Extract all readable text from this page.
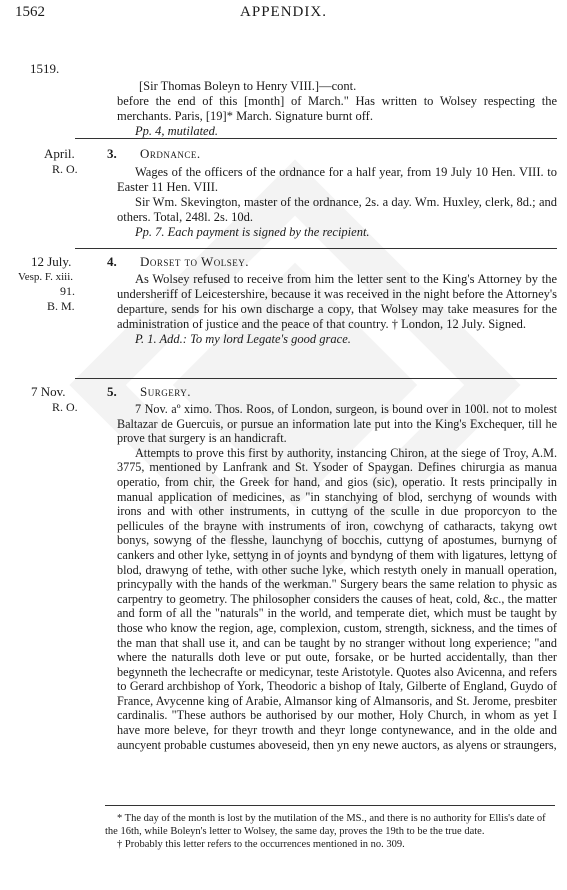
1562	APPENDIX.
1519.

[Sir Thomas Boleyn to Henry VIII.]—cont.

before the end of this [month] of March." Has written to Wolsey respecting the merchants. Paris, [19]* March. Signature burnt off.

Pp. 4, mutilated.

April.
R. O.
3. Ordnance.

Wages of the officers of the ordnance for a half year, from 19 July 10 Hen. VIII. to Easter 11 Hen. VIII.

Sir Wm. Skevington, master of the ordnance, 2s. a day. Wm. Huxley, clerk, 8d.; and others. Total, 248l. 2s. 10d.

Pp. 7. Each payment is signed by the recipient.

12 July.
Vesp. F. xiii.
91.
B. M.
4. Dorset to Wolsey.

As Wolsey refused to receive from him the letter sent to the King's Attorney by the undersheriff of Leicestershire, because it was received in the night before the Attorney's departure, sends for his own discharge a copy, that Wolsey may take measures for the administration of justice and the peace of that country. † London, 12 July. Signed.

P. 1. Add.: To my lord Legate's good grace.

7 Nov.
R. O.
5. Surgery.

7 Nov. aº ximo. Thos. Roos, of London, surgeon, is bound over in 100l. not to molest Baltazar de Guercuis, or pursue an information late put into the King's Exchequer, till he prove that surgery is an handicraft.

Attempts to prove this first by authority, instancing Chiron, at the siege of Troy, A.M. 3775, mentioned by Lanfrank and St. Ysoder of Spaygan. Defines chirurgia as manua operatio, from chir, the Greek for hand, and gios (sic), operatio. It rests principally in manual application of medicines, as "in stanchying of blod, serchyng of wounds with irons and with other instruments, in cuttyng of the sculle in due proporcyon to the pellicules of the brayne with instruments of iron, cowchyng of catharacts, takyng owt bonys, sowyng of the flesshe, launchyng of bocchis, cuttyng of apostumes, burnyng of cankers and other lyke, settyng in of joynts and byndyng of them with ligatures, lettyng of blod, drawyng of tethe, with other suche lyke, which restyth onely in manuall operation, princypally with the hands of the werkman." Surgery bears the same relation to physic as carpentry to geometry. The philosopher considers the causes of heat, cold, &c., the matter and form of all the "naturals" in the world, and temperate diet, which must be taught by those who know the region, age, complexion, custom, strength, sickness, and the times of the man that shall use it, and can be taught by no stranger without long experience; "and where the naturalls doth leve or put oute, forsake, or be hurted accidentally, than ther begynneth the lechecrafte or medicynar, teste Aristotyle. Quotes also Avicenna, and refers to Gerard archbishop of York, Theodoric a bishop of Italy, Gilberte of England, Guydo of France, Avycenne king of Arabie, Almansor king of Almansoris, and St. Jerome, presbiter cardinalis. "These authors be authorised by our mother, Holy Church, in whom as yet I have more beleve, for theyr trowth and theyr longe contynewance, and in the olde and auncyent probable custumes aboveseid, then yn eny newe auctors, as alyens or straungers,

* The day of the month is lost by the mutilation of the MS., and there is no authority for Ellis's date of the 16th, while Boleyn's letter to Wolsey, the same day, proves the 19th to be the true date.

† Probably this letter refers to the occurrences mentioned in no. 309.
